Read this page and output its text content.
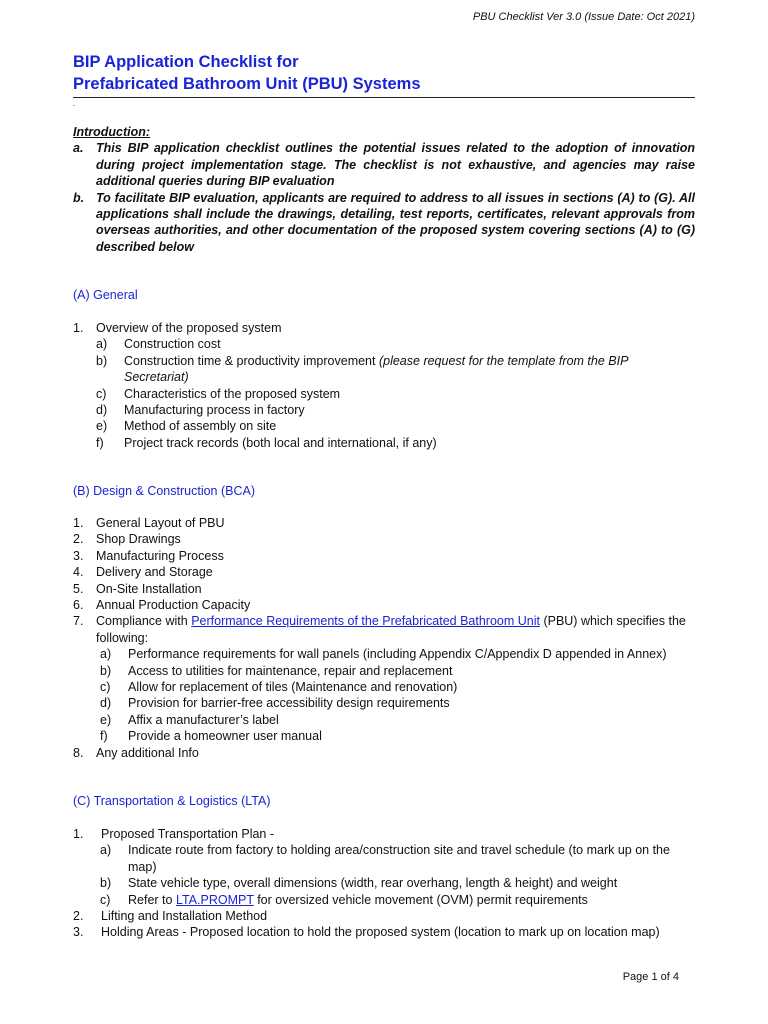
PBU Checklist Ver 3.0 (Issue Date: Oct 2021)
BIP Application Checklist for
Prefabricated Bathroom Unit (PBU) Systems
.
Introduction:
a.	This BIP application checklist outlines the potential issues related to the adoption of innovation during project implementation stage. The checklist is not exhaustive, and agencies may raise additional queries during BIP evaluation
b. To facilitate BIP evaluation, applicants are required to address to all issues in sections (A) to (G). All applications shall include the drawings, detailing, test reports, certificates, relevant approvals from overseas authorities, and other documentation of the proposed system covering sections (A) to (G) described below
(A) General
1.	Overview of the proposed system
a)	Construction cost
b)	Construction time & productivity improvement (please request for the template from the BIP Secretariat)
c)	Characteristics of the proposed system
d)	Manufacturing process in factory
e)	Method of assembly on site
f)	Project track records (both local and international, if any)
(B) Design & Construction (BCA)
1.	General Layout of PBU
2.	Shop Drawings
3.	Manufacturing Process
4.	Delivery and Storage
5.	On-Site Installation
6.	Annual Production Capacity
7.	Compliance with Performance Requirements of the Prefabricated Bathroom Unit (PBU) which specifies the following:
a)	Performance requirements for wall panels (including Appendix C/Appendix D appended in Annex)
b)	Access to utilities for maintenance, repair and replacement
c)	Allow for replacement of tiles (Maintenance and renovation)
d)	Provision for barrier-free accessibility design requirements
e)	Affix a manufacturer’s label
f)	Provide a homeowner user manual
8.	Any additional Info
(C) Transportation & Logistics (LTA)
1.	Proposed Transportation Plan -
a)	Indicate route from factory to holding area/construction site and travel schedule (to mark up on the map)
b)	State vehicle type, overall dimensions (width, rear overhang, length & height) and weight
c)	Refer to LTA.PROMPT for oversized vehicle movement (OVM) permit requirements
2.	Lifting and Installation Method
3.	Holding Areas - Proposed location to hold the proposed system (location to mark up on location map)
Page 1 of 4
